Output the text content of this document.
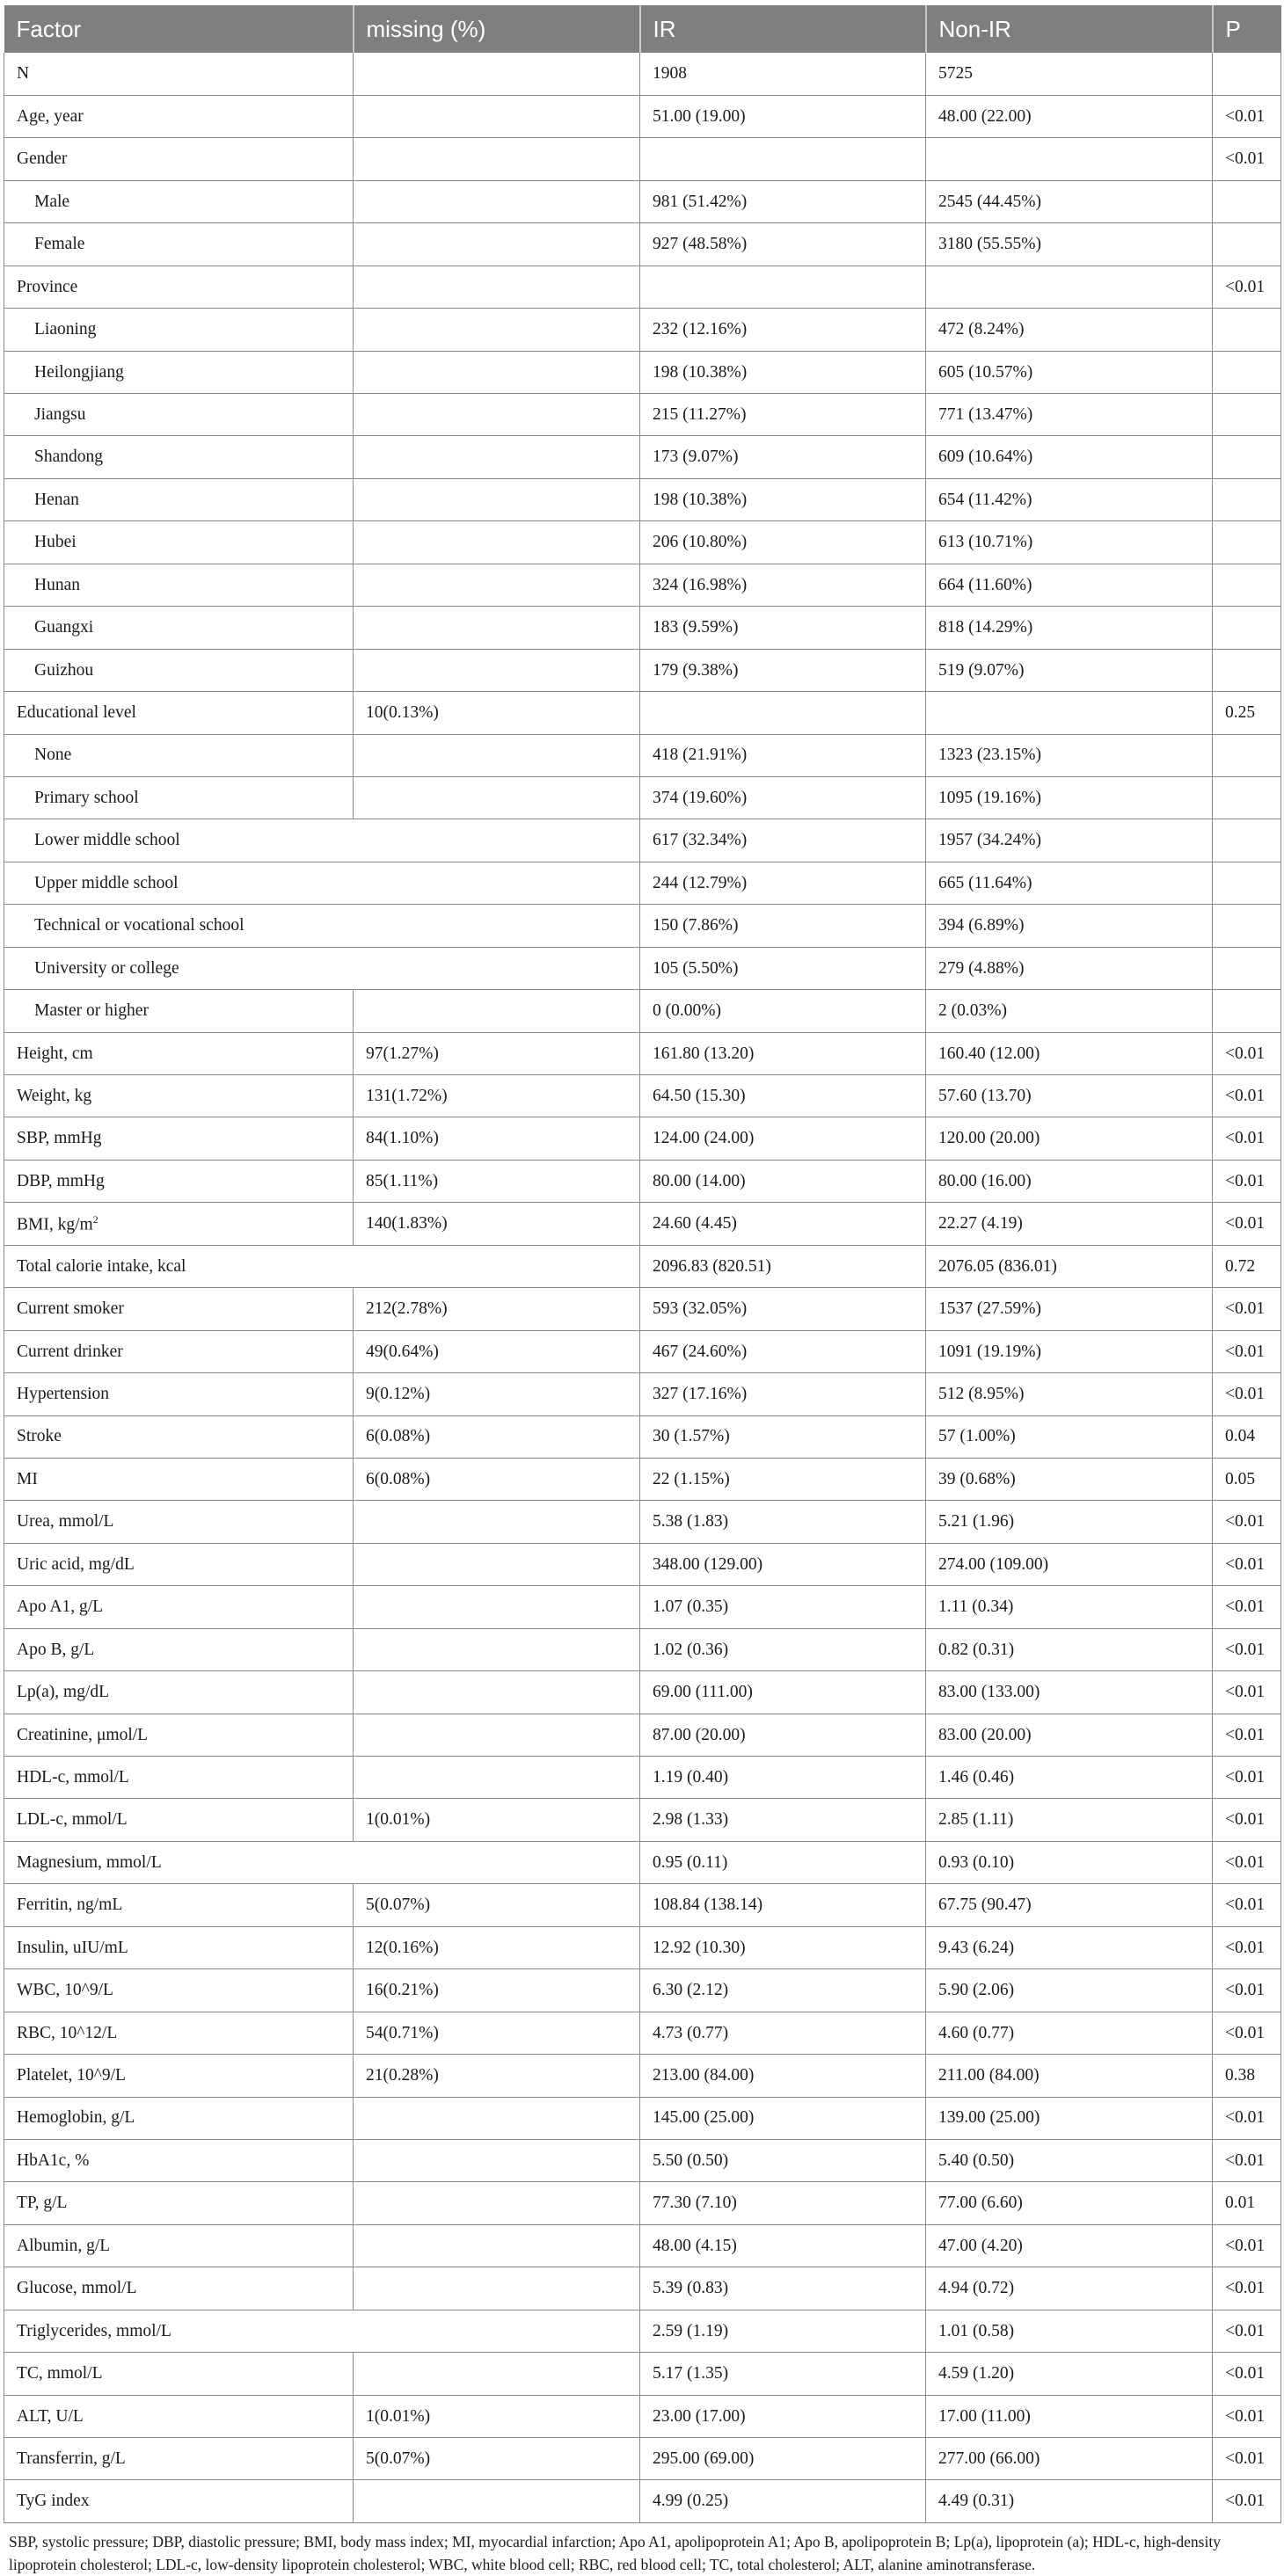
Factor	missing (%)	IR	Non-IR	P
N		1908	5725	
Age, year		51.00 (19.00)	48.00 (22.00)	<0.01
Gender				<0.01
Male		981 (51.42%)	2545 (44.45%)	
Female		927 (48.58%)	3180 (55.55%)	
Province				<0.01
Liaoning		232 (12.16%)	472 (8.24%)	
Heilongjiang		198 (10.38%)	605 (10.57%)	
Jiangsu		215 (11.27%)	771 (13.47%)	
Shandong		173 (9.07%)	609 (10.64%)	
Henan		198 (10.38%)	654 (11.42%)	
Hubei		206 (10.80%)	613 (10.71%)	
Hunan		324 (16.98%)	664 (11.60%)	
Guangxi		183 (9.59%)	818 (14.29%)	
Guizhou		179 (9.38%)	519 (9.07%)	
Educational level	10(0.13%)			0.25
None		418 (21.91%)	1323 (23.15%)	
Primary school		374 (19.60%)	1095 (19.16%)	
Lower middle school		617 (32.34%)	1957 (34.24%)	
Upper middle school		244 (12.79%)	665 (11.64%)	
Technical or vocational school		150 (7.86%)	394 (6.89%)	
University or college		105 (5.50%)	279 (4.88%)	
Master or higher		0 (0.00%)	2 (0.03%)	
Height, cm	97(1.27%)	161.80 (13.20)	160.40 (12.00)	<0.01
Weight, kg	131(1.72%)	64.50 (15.30)	57.60 (13.70)	<0.01
SBP, mmHg	84(1.10%)	124.00 (24.00)	120.00 (20.00)	<0.01
DBP, mmHg	85(1.11%)	80.00 (14.00)	80.00 (16.00)	<0.01
BMI, $kg/m^2$	140(1.83%)	24.60 (4.45)	22.27 (4.19)	<0.01
Total calorie intake, kcal		2096.83 (820.51)	2076.05 (836.01)	0.72
Current smoker	212(2.78%)	593 (32.05%)	1537 (27.59%)	<0.01
Current drinker	49(0.64%)	467 (24.60%)	1091 (19.19%)	<0.01
Hypertension	9(0.12%)	327 (17.16%)	512 (8.95%)	<0.01
Stroke	6(0.08%)	30 (1.57%)	57 (1.00%)	0.04
MI	6(0.08%)	22 (1.15%)	39 (0.68%)	0.05
Urea, mmol/L		5.38 (1.83)	5.21 (1.96)	<0.01
Uric acid, mg/dL		348.00 (129.00)	274.00 (109.00)	<0.01
Apo A1, g/L		1.07 (0.35)	1.11 (0.34)	<0.01
Apo B, g/L		1.02 (0.36)	0.82 (0.31)	<0.01
Lp(a), mg/dL		69.00 (111.00)	83.00 (133.00)	<0.01
Creatinine, μmol/L		87.00 (20.00)	83.00 (20.00)	<0.01
HDL-c, mmol/L		1.19 (0.40)	1.46 (0.46)	<0.01
LDL-c, mmol/L	1(0.01%)	2.98 (1.33)	2.85 (1.11)	<0.01
Magnesium, mmol/L		0.95 (0.11)	0.93 (0.10)	<0.01
Ferritin, ng/mL	5(0.07%)	108.84 (138.14)	67.75 (90.47)	<0.01
Insulin, uIU/mL	12(0.16%)	12.92 (10.30)	9.43 (6.24)	<0.01
WBC, 10^9/L	16(0.21%)	6.30 (2.12)	5.90 (2.06)	<0.01
RBC, 10^12/L	54(0.71%)	4.73 (0.77)	4.60 (0.77)	<0.01
Platelet, 10^9/L	21(0.28%)	213.00 (84.00)	211.00 (84.00)	0.38
Hemoglobin, g/L		145.00 (25.00)	139.00 (25.00)	<0.01
HbA1c, %		5.50 (0.50)	5.40 (0.50)	<0.01
TP, g/L		77.30 (7.10)	77.00 (6.60)	0.01
Albumin, g/L		48.00 (4.15)	47.00 (4.20)	<0.01
Glucose, mmol/L		5.39 (0.83)	4.94 (0.72)	<0.01
Triglycerides, mmol/L		2.59 (1.19)	1.01 (0.58)	<0.01
TC, mmol/L		5.17 (1.35)	4.59 (1.20)	<0.01
ALT, U/L	1(0.01%)	23.00 (17.00)	17.00 (11.00)	<0.01
Transferrin, g/L	5(0.07%)	295.00 (69.00)	277.00 (66.00)	<0.01
TyG index		4.99 (0.25)	4.49 (0.31)	<0.01

SBP, systolic pressure; DBP, diastolic pressure; BMI, body mass index; MI, myocardial infarction; Apo A1, apolipoprotein A1; Apo B, apolipoprotein B; Lp(a), lipoprotein (a); HDL-c, high-density lipoprotein cholesterol; LDL-c, low-density lipoprotein cholesterol; WBC, white blood cell; RBC, red blood cell; TC, total cholesterol; ALT, alanine aminotransferase.
